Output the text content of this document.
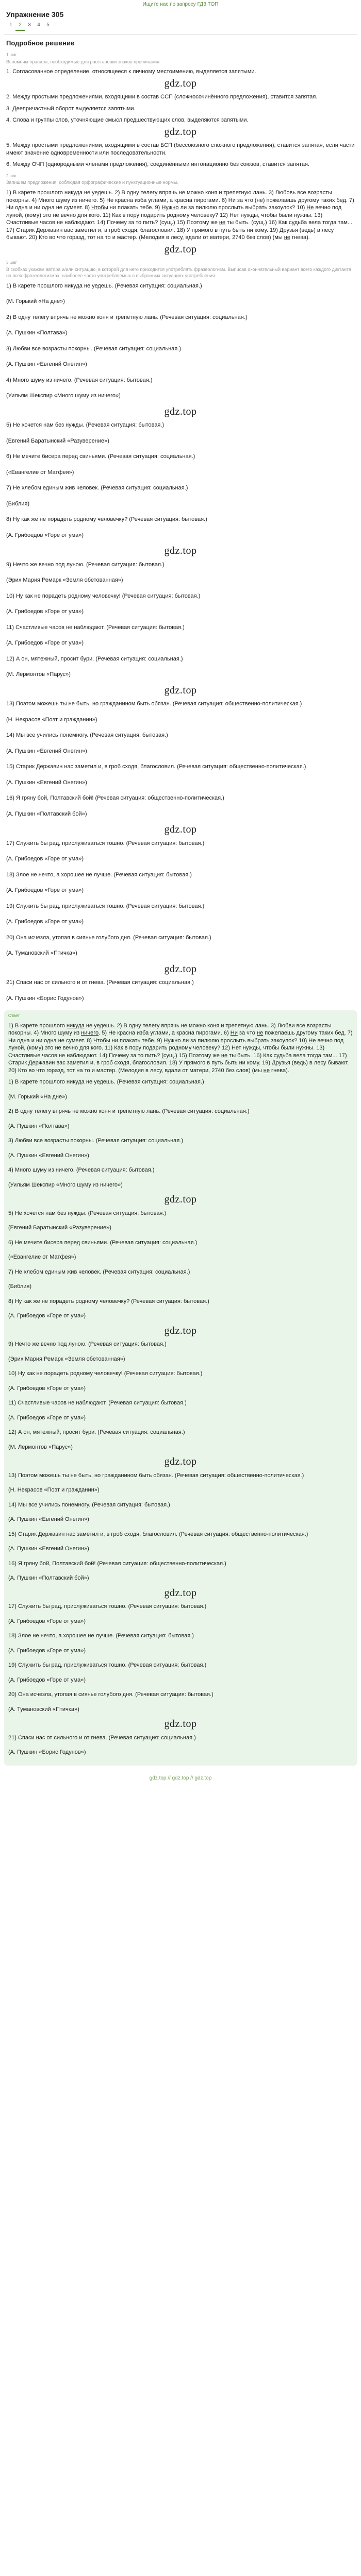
Ищите нас по запросу ГДЗ ТОП
Упражнение 305
1	2	3	4	5
Подробное решение
1 шаг
Вспомним правила, необходимые для расстановки знаков препинания.
1. Согласованное определение, относящееся к личному местоимению, выделяется запятыми.
gdz.top
2. Между простыми предложениями, входящими в состав ССП (сложносочинённого предложения), ставится запятая.
3. Деепричастный оборот выделяется запятыми.
4. Слова и группы слов, уточняющие смысл предшествующих слов, выделяются запятыми.
gdz.top
5. Между простыми предложениями, входящими в состав БСП (бессоюзного сложного предложения), ставится запятая, если части имеют значение одновременности или последовательности.
6. Между ОЧП (однородными членами предложения), соединёнными интонационно без союзов, ставится запятая.
2 шаг
Запишем предложения, соблюдая орфографические и пунктуационные нормы.
1) В карете прошлого никуда не уедешь. 2) В одну телегу впрячь не можно коня и трепетную лань. 3) Любовь все возрасты покорны. 4) Много шуму из ничего. 5) Не красна изба углами, а красна пирогами. 6) Ни за что (не) пожелаешь другому таких бед. 7) Ни одна и ни одна не сумеет. 8) Чтобы ни плакать тебе. 9) Нужно ли за пилюлю прослыть выбрать закоулок? 10) Не вечно под луной, (кому) это не вечно для кого. 11) Как в пору подарить родному человеку? 12) Нет нужды, чтобы были нужны. 13) Счастливые часов не наблюдают. 14) Почему за то пить? (сущ.) 15) Поэтому же не ты быть. (сущ.) 16) Как судьба вела тогда там... 17) Старик Державин вас заметил и, в гроб сходя, благословил. 18) У прямого в путь быть ни кому. 19) Друзья (ведь) в лесу бывают. 20) Кто во что горазд, тот на то и мастер. (Мелодия в лесу, вдали от матери, 2740 без слов) (мы не гнева).
gdz.top
3 шаг
В скобках укажем автора и/или ситуацию, в которой для него приходится употреблять фразеологизм. Выписав окончательный вариант всего каждого диктанта на всех фразеологизмах, наиболее часто употребляемых в выбранных ситуациях употребления.
1) В карете прошлого никуда не уедешь. (Речевая ситуация: социальная.)
(М. Горький «На дне»)
2) В одну телегу впрячь не можно коня и трепетную лань. (Речевая ситуация: социальная.)
(А. Пушкин «Полтава»)
3) Любви все возрасты покорны. (Речевая ситуация: социальная.)
(А. Пушкин «Евгений Онегин»)
4) Много шуму из ничего. (Речевая ситуация: бытовая.)
(Уильям Шекспир «Много шуму из ничего»)
gdz.top
5) Не хочется нам без нужды. (Речевая ситуация: бытовая.)
(Евгений Баратынский «Разуверение»)
6) Не мечите бисера перед свиньями. (Речевая ситуация: социальная.)
(«Евангелие от Матфея»)
7) Не хлебом единым жив человек. (Речевая ситуация: социальная.)
(Библия)
8) Ну как же не порадеть родному человечку? (Речевая ситуация: бытовая.)
(А. Грибоедов «Горе от ума»)
gdz.top
9) Нечто же вечно под луною. (Речевая ситуация: бытовая.)
(Эрих Мария Ремарк «Земля обетованная»)
10) Ну как не порадеть родному человечку! (Речевая ситуация: бытовая.)
(А. Грибоедов «Горе от ума»)
11) Счастливые часов не наблюдают. (Речевая ситуация: бытовая.)
(А. Грибоедов «Горе от ума»)
12) А он, мятежный, просит бури. (Речевая ситуация: социальная.)
(М. Лермонтов «Парус»)
gdz.top
13) Поэтом можешь ты не быть, но гражданином быть обязан. (Речевая ситуация: общественно-политическая.)
(Н. Некрасов «Поэт и гражданин»)
14) Мы все учились понемногу. (Речевая ситуация: бытовая.)
(А. Пушкин «Евгений Онегин»)
15) Старик Державин нас заметил и, в гроб сходя, благословил. (Речевая ситуация: общественно-политическая.)
(А. Пушкин «Евгений Онегин»)
16) Я гряну бой, Полтавский бой! (Речевая ситуация: общественно-политическая.)
(А. Пушкин «Полтавский бой»)
gdz.top
17) Служить бы рад, прислуживаться тошно. (Речевая ситуация: бытовая.)
(А. Грибоедов «Горе от ума»)
18) Злое не нечто, а хорошее не лучше. (Речевая ситуация: бытовая.)
(А. Грибоедов «Горе от ума»)
19) Служить бы рад, прислуживаться тошно. (Речевая ситуация: бытовая.)
(А. Грибоедов «Горе от ума»)
20) Она исчезла, утопая в сиянье голубого дня. (Речевая ситуация: бытовая.)
(А. Тумановский «Птичка»)
gdz.top
21) Спаси нас от сильного и от гнева. (Речевая ситуация: социальная.)
(А. Пушкин «Борис Годунов»)
Ответ
1) В карете прошлого никуда не уедешь. 2) В одну телегу впрячь не можно коня и трепетную лань. 3) Любви все возрасты покорны. 4) Много шуму из ничего. 5) Не красна изба углами, а красна пирогами. 6) Ни за что не пожелаешь другому таких бед. 7) Ни одна и ни одна не сумеет. 8) Чтобы ни плакать тебе. 9) Нужно ли за пилюлю прослыть выбрать закоулок? 10) Не вечно под луной, (кому) это не вечно для кого. 11) Как в пору подарить родному человеку? 12) Нет нужды, чтобы были нужны. 13) Счастливые часов не наблюдают. 14) Почему за то пить? (сущ.) 15) Поэтому же не ты быть. 16) Как судьба вела тогда там... 17) Старик Державин вас заметил и, в гроб сходя, благословил. 18) У прямого в путь быть ни кому. 19) Друзья (ведь) в лесу бывают. 20) Кто во что горазд, тот на то и мастер. (Мелодия в лесу, вдали от матери, 2740 без слов) (мы не гнева).
1) В карете прошлого никуда не уедешь. (Речевая ситуация: социальная.)
(М. Горький «На дне»)
2) В одну телегу впрячь не можно коня и трепетную лань. (Речевая ситуация: социальная.)
(А. Пушкин «Полтава»)
3) Любви все возрасты покорны. (Речевая ситуация: социальная.)
(А. Пушкин «Евгений Онегин»)
4) Много шуму из ничего. (Речевая ситуация: бытовая.)
(Уильям Шекспир «Много шуму из ничего»)
gdz.top
5) Не хочется нам без нужды. (Речевая ситуация: бытовая.)
(Евгений Баратынский «Разуверение»)
6) Не мечите бисера перед свиньями. (Речевая ситуация: социальная.)
(«Евангелие от Матфея»)
7) Не хлебом единым жив человек. (Речевая ситуация: социальная.)
(Библия)
8) Ну как же не порадеть родному человечку? (Речевая ситуация: бытовая.)
(А. Грибоедов «Горе от ума»)
gdz.top
9) Нечто же вечно под луною. (Речевая ситуация: бытовая.)
(Эрих Мария Ремарк «Земля обетованная»)
10) Ну как не порадеть родному человечку! (Речевая ситуация: бытовая.)
(А. Грибоедов «Горе от ума»)
11) Счастливые часов не наблюдают. (Речевая ситуация: бытовая.)
(А. Грибоедов «Горе от ума»)
12) А он, мятежный, просит бури. (Речевая ситуация: социальная.)
(М. Лермонтов «Парус»)
gdz.top
13) Поэтом можешь ты не быть, но гражданином быть обязан. (Речевая ситуация: общественно-политическая.)
(Н. Некрасов «Поэт и гражданин»)
14) Мы все учились понемногу. (Речевая ситуация: бытовая.)
(А. Пушкин «Евгений Онегин»)
15) Старик Державин нас заметил и, в гроб сходя, благословил. (Речевая ситуация: общественно-политическая.)
(А. Пушкин «Евгений Онегин»)
16) Я гряну бой, Полтавский бой! (Речевая ситуация: общественно-политическая.)
(А. Пушкин «Полтавский бой»)
gdz.top
17) Служить бы рад, прислуживаться тошно. (Речевая ситуация: бытовая.)
(А. Грибоедов «Горе от ума»)
18) Злое не нечто, а хорошее не лучше. (Речевая ситуация: бытовая.)
(А. Грибоедов «Горе от ума»)
19) Служить бы рад, прислуживаться тошно. (Речевая ситуация: бытовая.)
(А. Грибоедов «Горе от ума»)
20) Она исчезла, утопая в сиянье голубого дня. (Речевая ситуация: бытовая.)
(А. Тумановский «Птичка»)
gdz.top
21) Спаси нас от сильного и от гнева. (Речевая ситуация: социальная.)
(А. Пушкин «Борис Годунов»)
gdz.top // gdz.top // gdz.top
